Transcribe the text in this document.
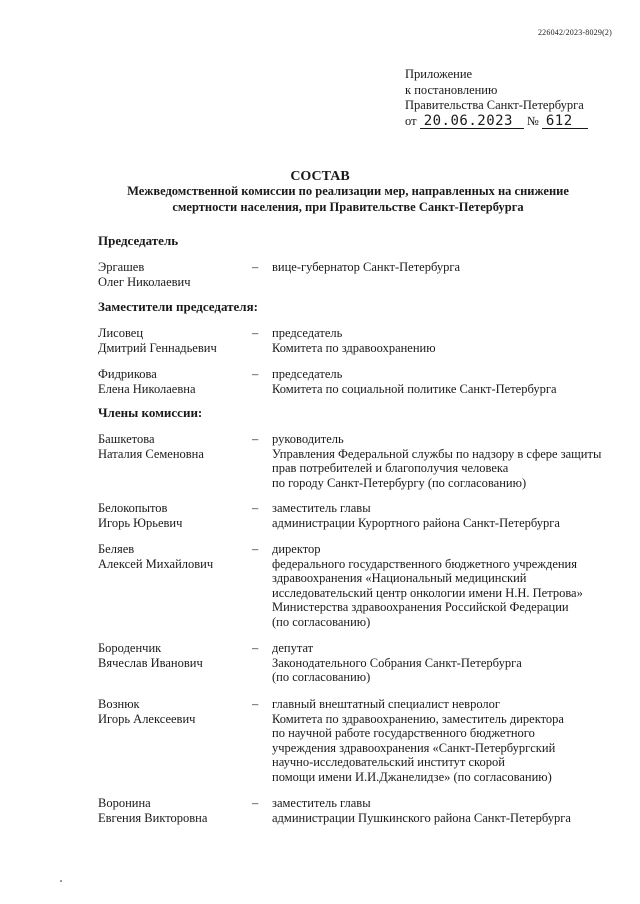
226042/2023-8029(2)
Приложение
к постановлению
Правительства Санкт-Петербурга
от 20.06.2023 № 612
СОСТАВ
Межведомственной комиссии по реализации мер, направленных на снижение смертности населения, при Правительстве Санкт-Петербурга
Председатель
Заместители председателя:
Члены комиссии:
Эргашев
Олег Николаевич
– вице-губернатор Санкт-Петербурга
Лисовец
Дмитрий Геннадьевич
– председатель
Комитета по здравоохранению
Фидрикова
Елена Николаевна
– председатель
Комитета по социальной политике Санкт-Петербурга
Башкетова
Наталия Семеновна
– руководитель
Управления Федеральной службы по надзору в сфере защиты
прав потребителей и благополучия человека
по городу Санкт-Петербургу (по согласованию)
Белокопытов
Игорь Юрьевич
– заместитель главы
администрации Курортного района Санкт-Петербурга
Беляев
Алексей Михайлович
– директор
федерального государственного бюджетного учреждения
здравоохранения «Национальный медицинский
исследовательский центр онкологии имени Н.Н. Петрова»
Министерства здравоохранения Российской Федерации
(по согласованию)
Бороденчик
Вячеслав Иванович
– депутат
Законодательного Собрания Санкт-Петербурга
(по согласованию)
Вознюк
Игорь Алексеевич
– главный внештатный специалист невролог
Комитета по здравоохранению, заместитель директора
по научной работе государственного бюджетного
учреждения здравоохранения «Санкт-Петербургский
научно-исследовательский институт скорой
помощи имени И.И.Джанелидзе» (по согласованию)
Воронина
Евгения Викторовна
– заместитель главы
администрации Пушкинского района Санкт-Петербурга
